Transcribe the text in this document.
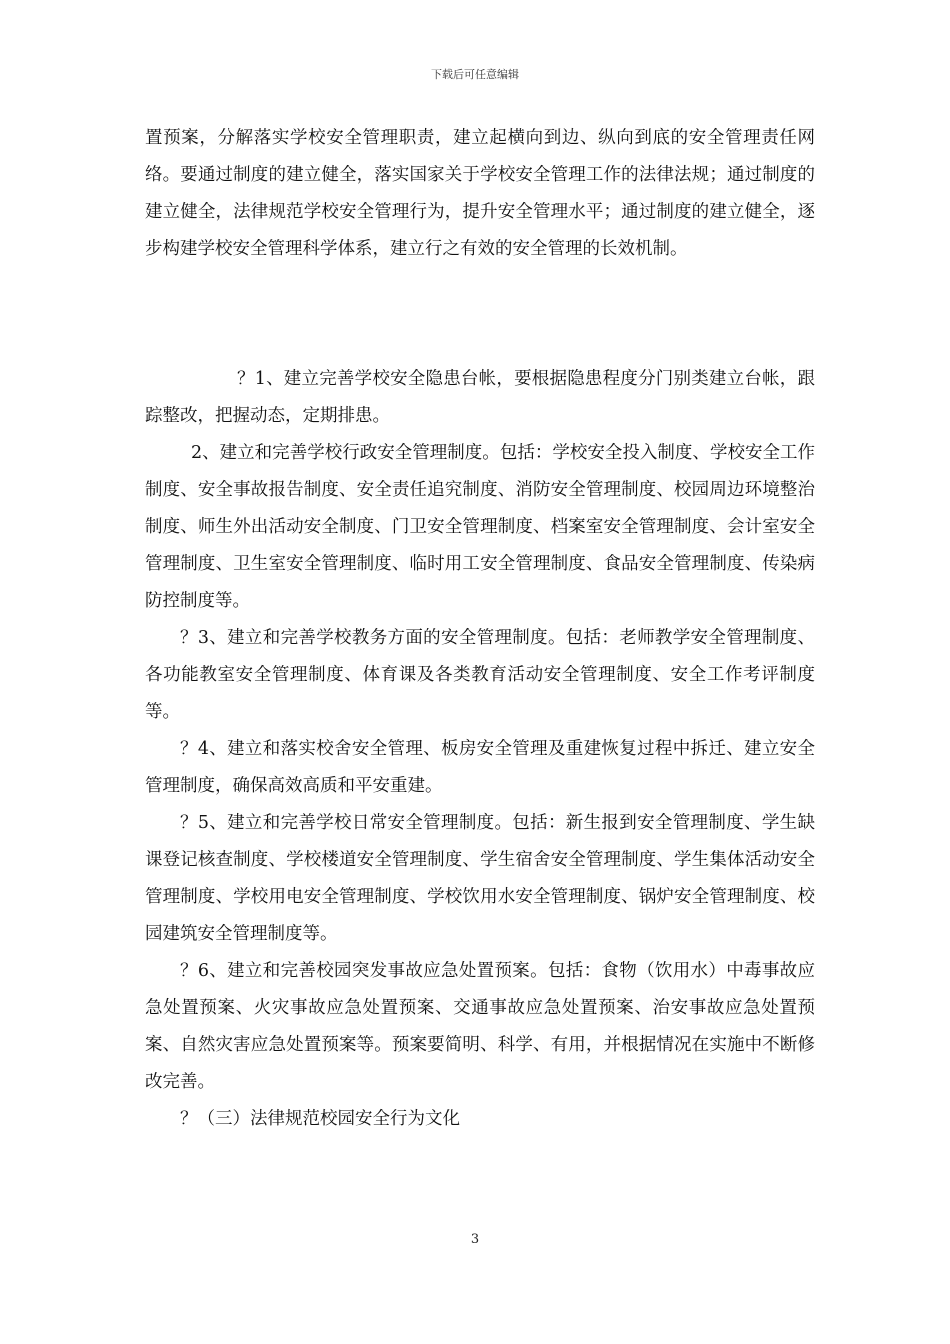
下载后可任意编辑

置预案，分解落实学校安全管理职责，建立起横向到边、纵向到底的安全管理责任网络。要通过制度的建立健全，落实国家关于学校安全管理工作的法律法规；通过制度的建立健全，法律规范学校安全管理行为，提升安全管理水平；通过制度的建立健全，逐步构建学校安全管理科学体系，建立行之有效的安全管理的长效机制。

？1、建立完善学校安全隐患台帐，要根据隐患程度分门别类建立台帐，跟踪整改，把握动态，定期排患。

2、建立和完善学校行政安全管理制度。包括：学校安全投入制度、学校安全工作制度、安全事故报告制度、安全责任追究制度、消防安全管理制度、校园周边环境整治制度、师生外出活动安全制度、门卫安全管理制度、档案室安全管理制度、会计室安全管理制度、卫生室安全管理制度、临时用工安全管理制度、食品安全管理制度、传染病防控制度等。

？3、建立和完善学校教务方面的安全管理制度。包括：老师教学安全管理制度、各功能教室安全管理制度、体育课及各类教育活动安全管理制度、安全工作考评制度等。

？4、建立和落实校舍安全管理、板房安全管理及重建恢复过程中拆迁、建立安全管理制度，确保高效高质和平安重建。

？5、建立和完善学校日常安全管理制度。包括：新生报到安全管理制度、学生缺课登记核查制度、学校楼道安全管理制度、学生宿舍安全管理制度、学生集体活动安全管理制度、学校用电安全管理制度、学校饮用水安全管理制度、锅炉安全管理制度、校园建筑安全管理制度等。

？6、建立和完善校园突发事故应急处置预案。包括：食物（饮用水）中毒事故应急处置预案、火灾事故应急处置预案、交通事故应急处置预案、治安事故应急处置预案、自然灾害应急处置预案等。预案要简明、科学、有用，并根据情况在实施中不断修改完善。

？（三）法律规范校园安全行为文化

3
